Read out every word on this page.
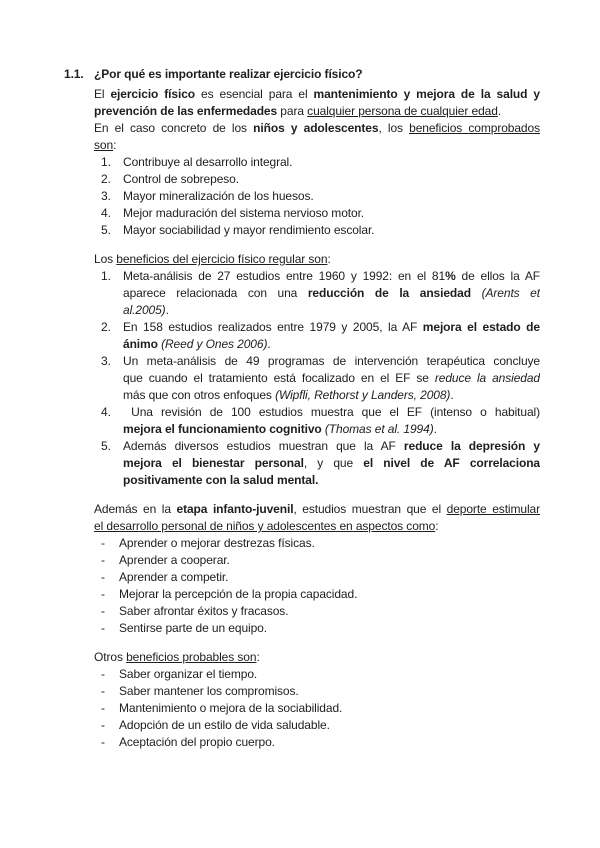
1.1. ¿Por qué es importante realizar ejercicio físico?
El ejercicio físico es esencial para el mantenimiento y mejora de la salud y
prevención de las enfermedades para cualquier persona de cualquier edad.
En el caso concreto de los niños y adolescentes, los beneficios comprobados
son:
1.	Contribuye al desarrollo integral.
2.	Control de sobrepeso.
3.	Mayor mineralización de los huesos.
4.	Mejor maduración del sistema nervioso motor.
5.	Mayor sociabilidad y mayor rendimiento escolar.
Los beneficios del ejercicio físico regular son:
1.	Meta-análisis de 27 estudios entre 1960 y 1992: en el 81% de ellos la AF
aparece relacionada con una reducción de la ansiedad (Arents et
al.2005).
2.	En 158 estudios realizados entre 1979 y 2005, la AF mejora el estado de
ánimo (Reed y Ones 2006).
3.	Un meta-análisis de 49 programas de intervención terapéutica concluye
que cuando el tratamiento está focalizado en el EF se reduce la ansiedad
más que con otros enfoques (Wipfli, Rethorst y Landers, 2008).
4.	Una revisión de 100 estudios muestra que el EF (intenso o habitual)
mejora el funcionamiento cognitivo (Thomas et al. 1994).
5.	Además diversos estudios muestran que la AF reduce la depresión y
mejora el bienestar personal, y que el nivel de AF correlaciona
positivamente con la salud mental.
Además en la etapa infanto-juvenil, estudios muestran que el deporte estimular
el desarrollo personal de niños y adolescentes en aspectos como:
-	Aprender o mejorar destrezas físicas.
-	Aprender a cooperar.
-	Aprender a competir.
-	Mejorar la percepción de la propia capacidad.
-	Saber afrontar éxitos y fracasos.
-	Sentirse parte de un equipo.
Otros beneficios probables son:
-	Saber organizar el tiempo.
-	Saber mantener los compromisos.
-	Mantenimiento o mejora de la sociabilidad.
-	Adopción de un estilo de vida saludable.
-	Aceptación del propio cuerpo.
